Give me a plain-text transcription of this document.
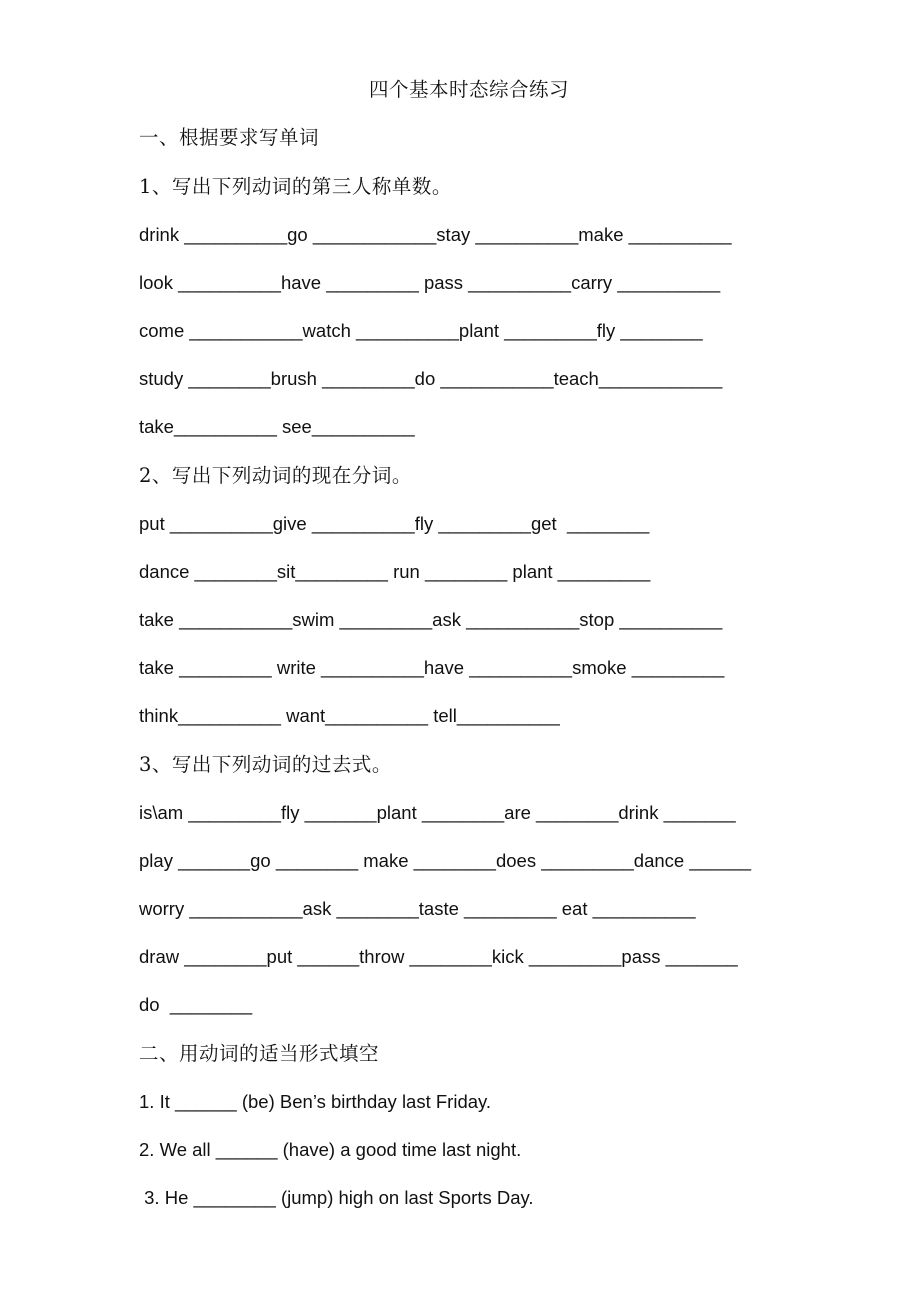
四个基本时态综合练习
一、根据要求写单词
1、写出下列动词的第三人称单数。
drink __________go ____________stay __________make __________
look __________have _________ pass __________carry __________
come ___________watch __________plant _________fly ________
study ________brush _________do ___________teach____________
take__________ see__________
2、写出下列动词的现在分词。
put __________give __________fly _________get  ________
dance ________sit_________ run ________ plant _________
take ___________swim _________ask ___________stop __________
take _________ write __________have __________smoke _________
think__________ want__________ tell__________
3、写出下列动词的过去式。
is\am _________fly _______plant ________are ________drink _______
play _______go ________ make ________does _________dance ______
worry ___________ask ________taste _________ eat __________
draw ________put ______throw ________kick _________pass _______
do  ________
二、用动词的适当形式填空
1. It ______ (be) Ben’s birthday last Friday.
2. We all ______ (have) a good time last night.
3. He ________ (jump) high on last Sports Day.
